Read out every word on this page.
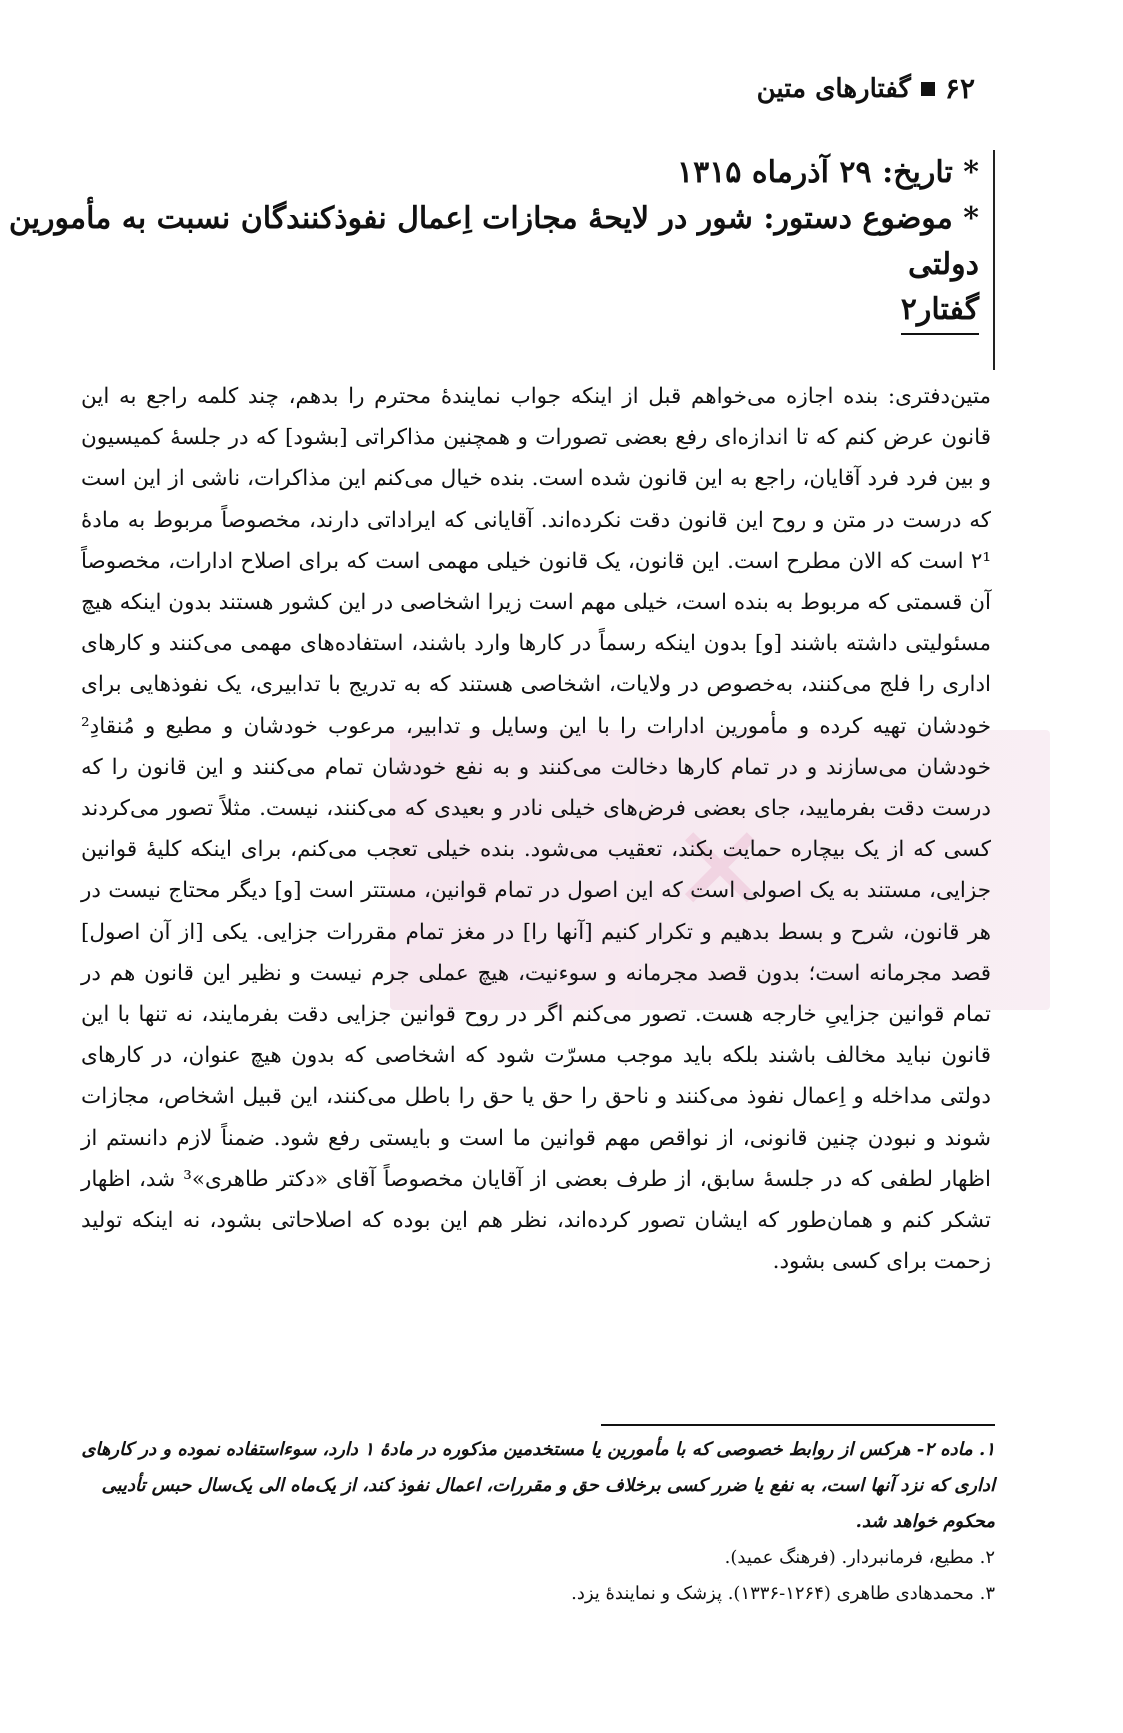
۶۲
گفتارهای متین

* تاریخ: ۲۹ آذرماه ۱۳۱۵

* موضوع دستور: شور در لایحهٔ مجازات اِعمال نفوذکنندگان نسبت به مأمورین

دولتی

گفتار۲
✕

متین‌دفتری: بنده اجازه می‌خواهم قبل از اینکه جواب نمایندهٔ محترم را بدهم، چند کلمه راجع به این قانون عرض کنم که تا اندازه‌ای رفع بعضی تصورات و همچنین مذاکراتی [بشود] که در جلسهٔ کمیسیون و بین فرد فرد آقایان، راجع به این قانون شده است. بنده خیال می‌کنم این مذاکرات، ناشی از این است که درست در متن و روح این قانون دقت نکرده‌اند. آقایانی که ایراداتی دارند، مخصوصاً مربوط به مادهٔ ۲¹ است که الان مطرح است. این قانون، یک قانون خیلی مهمی است که برای اصلاح ادارات، مخصوصاً آن قسمتی که مربوط به بنده است، خیلی مهم است زیرا اشخاصی در این کشور هستند بدون اینکه هیچ مسئولیتی داشته باشند [و] بدون اینکه رسماً در کارها وارد باشند، استفاده‌های مهمی می‌کنند و کارهای اداری را فلج می‌کنند، به‌خصوص در ولایات، اشخاصی هستند که به تدریج با تدابیری، یک نفوذهایی برای خودشان تهیه کرده و مأمورین ادارات را با این وسایل و تدابیر، مرعوب خودشان و مطیع و مُنقادِ² خودشان می‌سازند و در تمام کارها دخالت می‌کنند و به نفع خودشان تمام می‌کنند و این قانون را که درست دقت بفرمایید، جای بعضی فرض‌های خیلی نادر و بعیدی که می‌کنند، نیست. مثلاً تصور می‌کردند کسی که از یک بیچاره حمایت بکند، تعقیب می‌شود. بنده خیلی تعجب می‌کنم، برای اینکه کلیهٔ قوانین جزایی، مستند به یک اصولی است که این اصول در تمام قوانین، مستتر است [و] دیگر محتاج نیست در هر قانون، شرح و بسط بدهیم و تکرار کنیم [آنها را] در مغز تمام مقررات جزایی. یکی [از آن اصول] قصد مجرمانه است؛ بدون قصد مجرمانه و سوءنیت، هیچ عملی جرم نیست و نظیر این قانون هم در تمام قوانین جزاییِ خارجه هست. تصور می‌کنم اگر در روح قوانین جزایی دقت بفرمایند، نه تنها با این قانون نباید مخالف باشند بلکه باید موجب مسرّت شود که اشخاصی که بدون هیچ عنوان، در کارهای دولتی مداخله و اِعمال نفوذ می‌کنند و ناحق را حق یا حق را باطل می‌کنند، این قبیل اشخاص، مجازات شوند و نبودن چنین قانونی، از نواقص مهم قوانین ما است و بایستی رفع شود. ضمناً لازم دانستم از اظهار لطفی که در جلسهٔ سابق، از طرف بعضی از آقایان مخصوصاً آقای «دکتر طاهری»³ شد، اظهار تشکر کنم و همان‌طور که ایشان تصور کرده‌اند، نظر هم این بوده که اصلاحاتی بشود، نه اینکه تولید زحمت برای کسی بشود.

۱. ماده ۲- هرکس از روابط خصوصی که با مأمورین یا مستخدمین مذکوره در مادهٔ ۱ دارد، سوءاستفاده نموده و در کارهای اداری که نزد آنها است، به نفع یا ضرر کسی برخلاف حق و مقررات، اعمال نفوذ کند، از یک‌ماه الی یک‌سال حبس تأدیبی محکوم خواهد شد.

۲. مطیع، فرمانبردار. (فرهنگ عمید).

۳. محمدهادی طاهری (۱۲۶۴-۱۳۳۶). پزشک و نمایندهٔ یزد.
